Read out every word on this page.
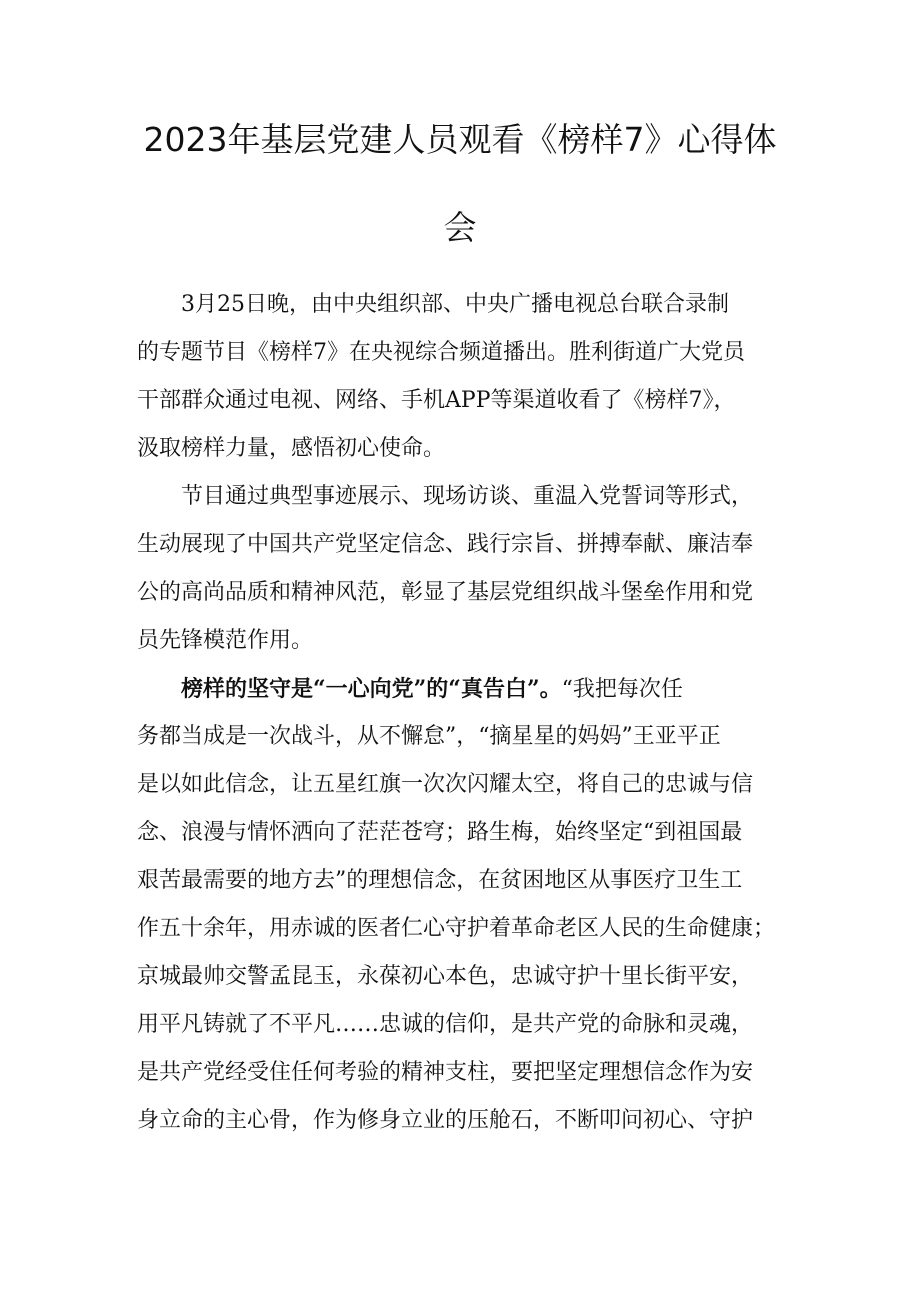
2023年基层党建人员观看《榜样7》心得体
会
3月25日晚，由中央组织部、中央广播电视总台联合录制
的专题节目《榜样7》在央视综合频道播出。胜利街道广大党员
干部群众通过电视、网络、手机APP等渠道收看了《榜样7》，
汲取榜样力量，感悟初心使命。
节目通过典型事迹展示、现场访谈、重温入党誓词等形式，
生动展现了中国共产党坚定信念、践行宗旨、拼搏奉献、廉洁奉
公的高尚品质和精神风范，彰显了基层党组织战斗堡垒作用和党
员先锋模范作用。
榜样的坚守是“一心向党”的“真告白”。“我把每次任
务都当成是一次战斗，从不懈怠”，“摘星星的妈妈”王亚平正
是以如此信念，让五星红旗一次次闪耀太空，将自己的忠诚与信
念、浪漫与情怀洒向了茫茫苍穹；路生梅，始终坚定“到祖国最
艰苦最需要的地方去”的理想信念，在贫困地区从事医疗卫生工
作五十余年，用赤诚的医者仁心守护着革命老区人民的生命健康；
京城最帅交警孟昆玉，永葆初心本色，忠诚守护十里长街平安，
用平凡铸就了不平凡……忠诚的信仰，是共产党的命脉和灵魂，
是共产党经受住任何考验的精神支柱，要把坚定理想信念作为安
身立命的主心骨，作为修身立业的压舱石，不断叩问初心、守护
